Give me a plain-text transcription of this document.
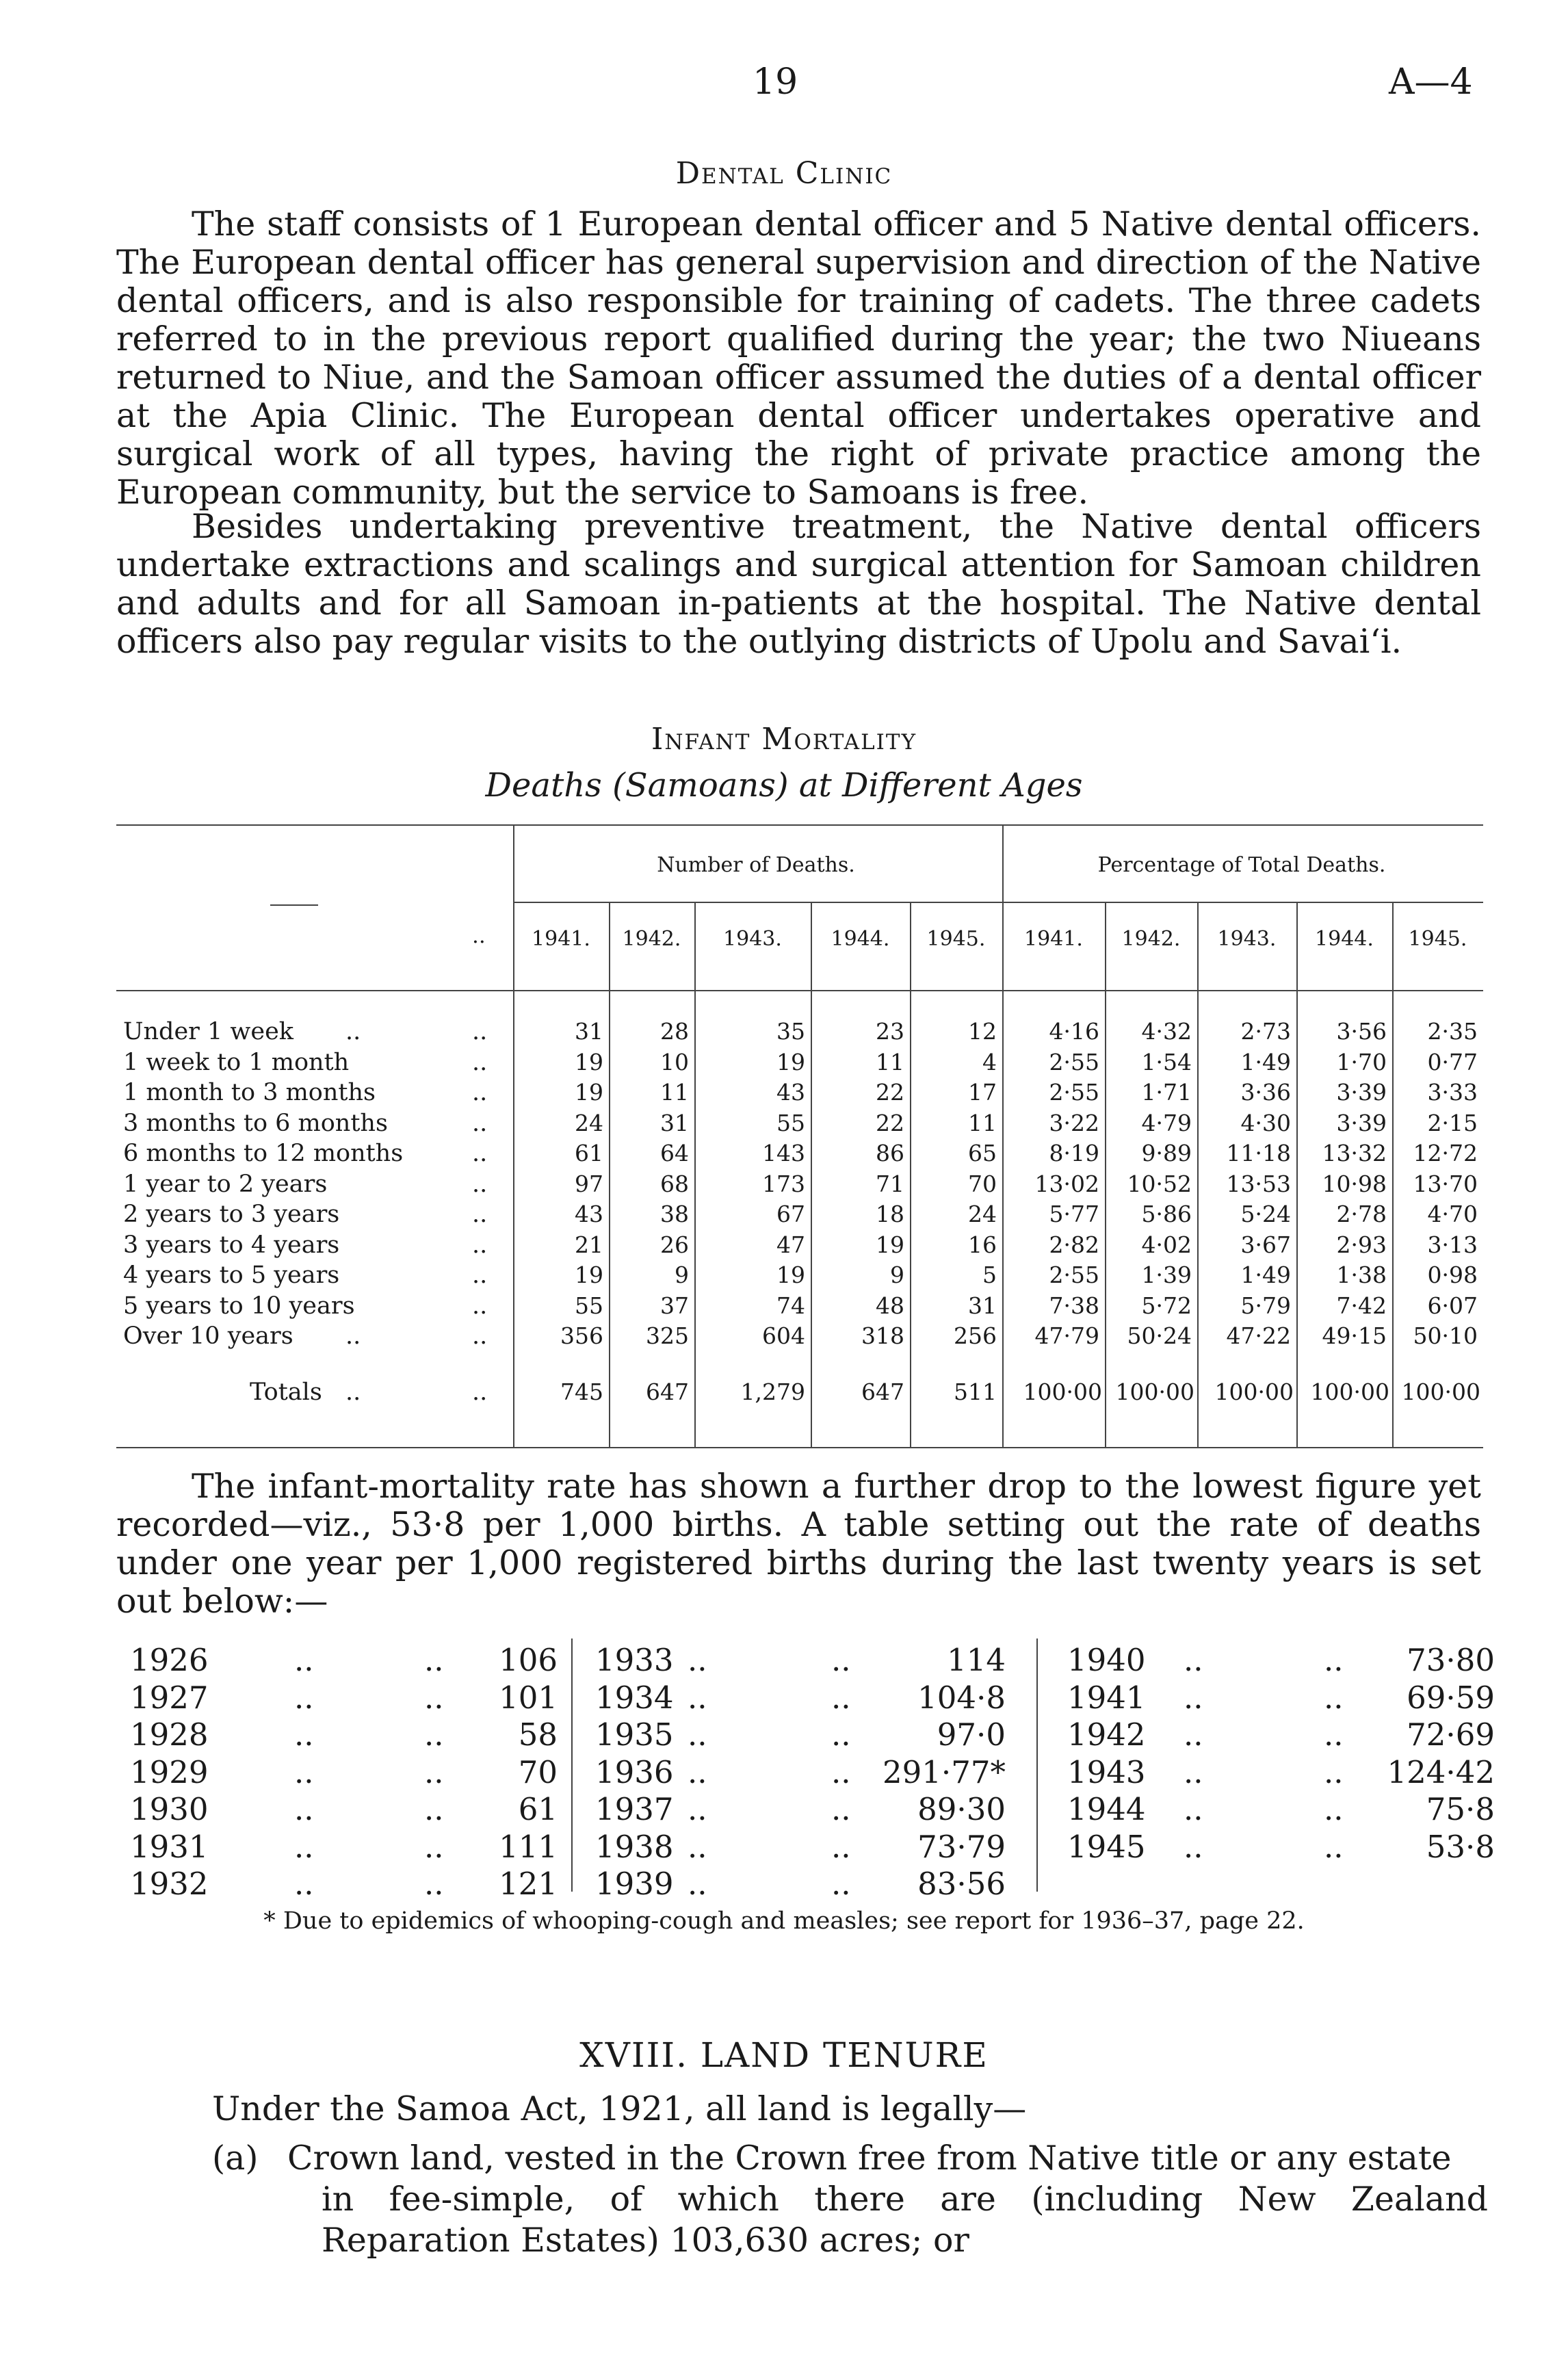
19	A—4
Dental Clinic
The staff consists of 1 European dental officer and 5 Native dental officers. The European dental officer has general supervision and direction of the Native dental officers, and is also responsible for training of cadets. The three cadets referred to in the previous report qualified during the year; the two Niueans returned to Niue, and the Samoan officer assumed the duties of a dental officer at the Apia Clinic. The European dental officer undertakes operative and surgical work of all types, having the right of private practice among the European community, but the service to Samoans is free.
Besides undertaking preventive treatment, the Native dental officers undertake extractions and scalings and surgical attention for Samoan children and adults and for all Samoan in-patients at the hospital. The Native dental officers also pay regular visits to the outlying districts of Upolu and Savai‘i.
Infant Mortality
Deaths (Samoans) at Different Ages
Number of Deaths.	Percentage of Total Deaths.
1941.	1942.	1943.	1944.	1945.	1941.	1942.	1943.	1944.	1945.
..
Under 1 week ..	..	31	28	35	23	12	4·16	4·32	2·73	3·56	2·35
1 week to 1 month	..	19	10	19	11	4	2·55	1·54	1·49	1·70	0·77
1 month to 3 months	..	19	11	43	22	17	2·55	1·71	3·36	3·39	3·33
3 months to 6 months	..	24	31	55	22	11	3·22	4·79	4·30	3·39	2·15
6 months to 12 months	..	61	64	143	86	65	8·19	9·89	11·18	13·32	12·72
1 year to 2 years	..	97	68	173	71	70	13·02	10·52	13·53	10·98	13·70
2 years to 3 years	..	43	38	67	18	24	5·77	5·86	5·24	2·78	4·70
3 years to 4 years	..	21	26	47	19	16	2·82	4·02	3·67	2·93	3·13
4 years to 5 years	..	19	9	19	9	5	2·55	1·39	1·49	1·38	0·98
5 years to 10 years	..	55	37	74	48	31	7·38	5·72	5·79	7·42	6·07
Over 10 years ..	..	356	325	604	318	256	47·79	50·24	47·22	49·15	50·10
Totals ..	..	745	647	1,279	647	511	100·00 100·00 100·00 100·00 100·00
The infant-mortality rate has shown a further drop to the lowest figure yet recorded—viz., 53·8 per 1,000 births. A table setting out the rate of deaths under one year per 1,000 registered births during the last twenty years is set out below:—
1926	..	..	106
1927	..	..	101
1928	..	..	58
1929	..	..	70
1930	..	..	61
1931	..	..	111
1932	..	..	121
1933 ..	..	114
1934 ..	..	104·8
1935 ..	..	97·0
1936 ..	..	291·77*
1937 ..	..	89·30
1938 ..	..	73·79
1939 ..	..	83·56
1940 ..	..	73·80
1941 ..	..	69·59
1942 ..	..	72·69
1943 ..	..	124·42
1944 ..	..	75·8
1945 ..	..	53·8
* Due to epidemics of whooping-cough and measles; see report for 1936–37, page 22.
XVIII. LAND TENURE
Under the Samoa Act, 1921, all land is legally—
(a) Crown land, vested in the Crown free from Native title or any estate
in fee-simple, of which there are (including New Zealand
Reparation Estates) 103,630 acres; or
